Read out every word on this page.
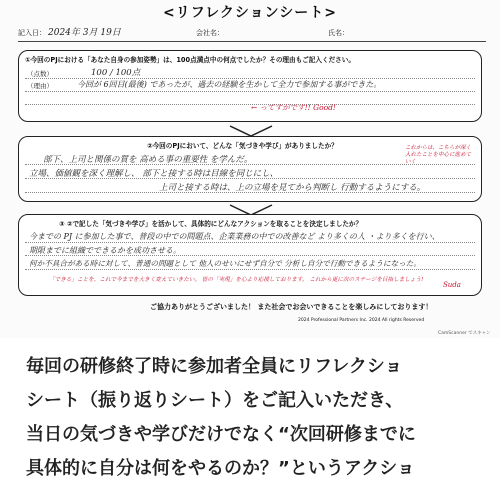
<リフレクションシート>
記入日： 2024年 3月 19日	会社名：	氏名：
①今回のPJにおける「あなた自身の参加姿勢」は、100点満点中の何点でしたか？その理由もご記入ください。
（点数）	100 / 100点
（理由）	今回が 6回目(最後) であったが、過去の経験を生かして全力で参加する事ができた。
← ってすがです!! Good!
②今回のPJにおいて、どんな「気づきや学び」がありましたか？
部下、上司と関係の質を 高める事の重要性 を学んだ。
立場、価値観を深く理解し、 部下と接する時は目線を同じにし、
上司と接する時は、上の立場を見てから判断し 行動するようにする。
これからは、こちらが深く入れたことを中心に進めていく
③ ②で記した「気づきや学び」を活かして、具体的にどんなアクションを取ることを決定しましたか？
今までの PJ に参加した事で、普段の中での問題点、企業業務の中での改善など より多くの人 ・より多くを行い、
期限までに組織でできるかを成功させる。
何か不具合がある時に対して、普通の問題として 他人のせいにせず自分で 分析し自分で行動できるようになった。
「できる」ことを、これで今までを大きく変えていきたい。 皆の「実現」を心より応援しております。 これから更に次のステージを目指しましょう!
Suda
ご協力ありがとうございました！ また社会でお会いできることを楽しみにしております！
2024 Professional Partners Inc. 2024 All rights Reserved
CamScanner でスキャン
毎回の研修終了時に参加者全員にリフレクショ
シート（振り返りシート）をご記入いただき、
当日の気づきや学びだけでなく“次回研修までに
具体的に自分は何をやるのか？”というアクショ
